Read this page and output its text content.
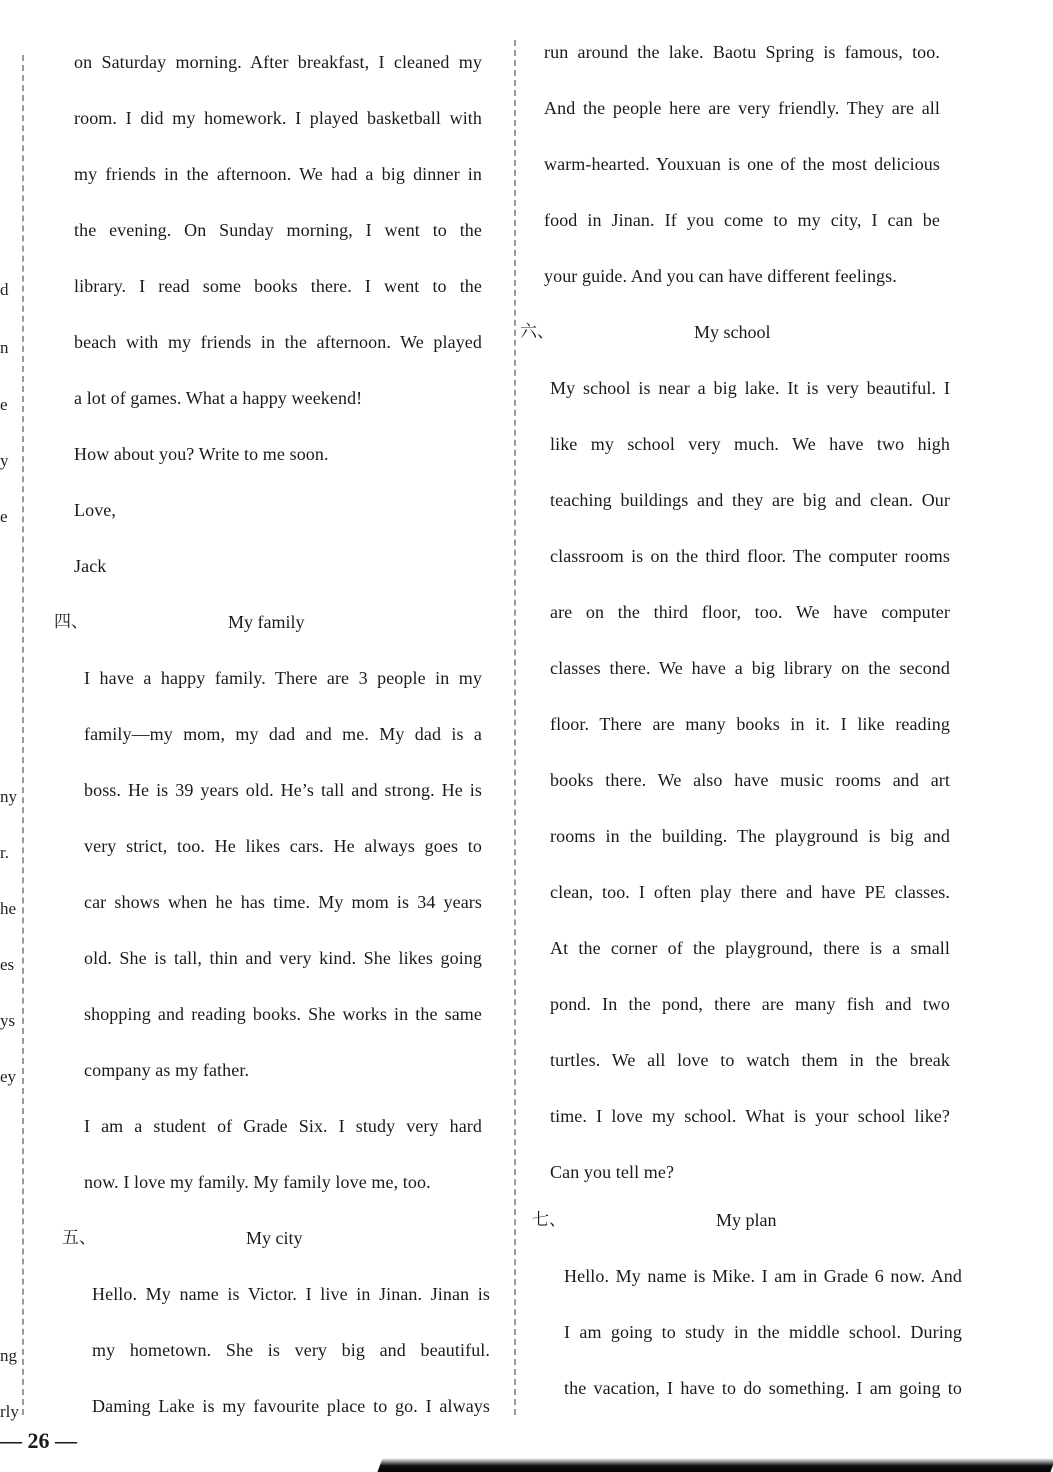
d
n
e
y
e
ny
r.
he
es
ys
ey
ng
rly
on Saturday morning. After breakfast, I cleaned my
room. I did my homework. I played basketball with
my friends in the afternoon. We had a big dinner in
the evening. On Sunday morning, I went to the
library. I read some books there. I went to the
beach with my friends in the afternoon. We played
a lot of games. What a happy weekend!
How about you? Write to me soon.
Love,
Jack
四、	My family
I have a happy family. There are 3 people in my
family—my mom, my dad and me. My dad is a
boss. He is 39 years old. He’s tall and strong. He is
very strict, too. He likes cars. He always goes to
car shows when he has time. My mom is 34 years
old. She is tall, thin and very kind. She likes going
shopping and reading books. She works in the same
company as my father.
I am a student of Grade Six. I study very hard
now. I love my family. My family love me, too.
五、	My city
Hello. My name is Victor. I live in Jinan. Jinan is
my hometown. She is very big and beautiful.
Daming Lake is my favourite place to go. I always
run around the lake. Baotu Spring is famous, too.
And the people here are very friendly. They are all
warm-hearted. Youxuan is one of the most delicious
food in Jinan. If you come to my city, I can be
your guide. And you can have different feelings.
六、	My school
My school is near a big lake. It is very beautiful. I
like my school very much. We have two high
teaching buildings and they are big and clean. Our
classroom is on the third floor. The computer rooms
are on the third floor, too. We have computer
classes there. We have a big library on the second
floor. There are many books in it. I like reading
books there. We also have music rooms and art
rooms in the building. The playground is big and
clean, too. I often play there and have PE classes.
At the corner of the playground, there is a small
pond. In the pond, there are many fish and two
turtles. We all love to watch them in the break
time. I love my school. What is your school like?
Can you tell me?
七、	My plan
Hello. My name is Mike. I am in Grade 6 now. And
I am going to study in the middle school. During
the vacation, I have to do something. I am going to
— 26 —
